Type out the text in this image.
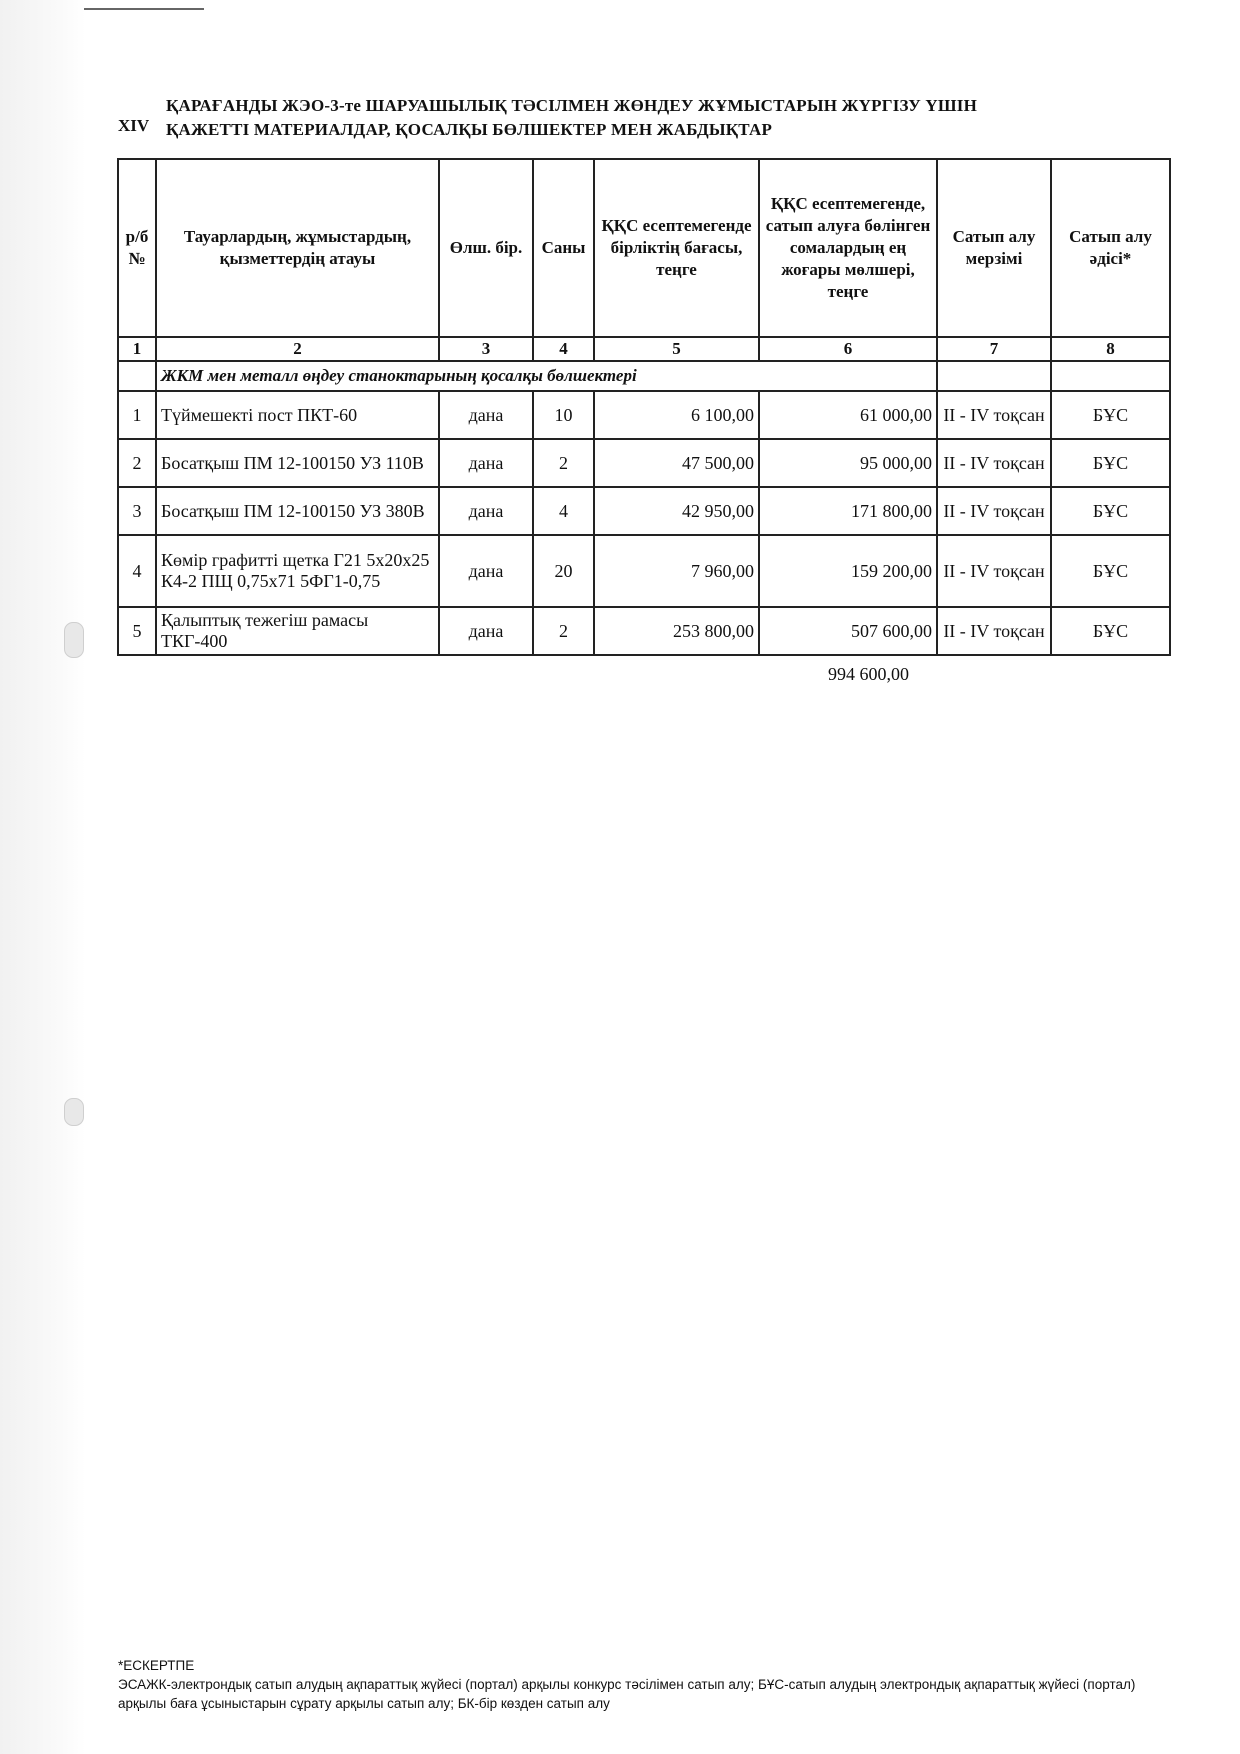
XIV
ҚАРАҒАНДЫ ЖЭО-3-те ШАРУАШЫЛЫҚ ТӘСІЛМЕН ЖӨНДЕУ ЖҰМЫСТАРЫН ЖҮРГІЗУ ҮШІН
ҚАЖЕТТІ МАТЕРИАЛДАР, ҚОСАЛҚЫ БӨЛШЕКТЕР МЕН ЖАБДЫҚТАР
р/б №	Тауарлардың, жұмыстардың, қызметтердің атауы	Өлш. бір.	Саны	ҚҚС есептемегенде бірліктің бағасы, теңге	ҚҚС есептемегенде, сатып алуға бөлінген сомалардың ең жоғары мөлшері, теңге	Сатып алу мерзімі	Сатып алу әдісі*
1	2	3	4	5	6	7	8
	ЖКМ мен металл өңдеу станоктарының қосалқы бөлшектері						
1	Түймешекті пост ПКТ-60	дана	10	6 100,00	61 000,00	II - IV тоқсан	БҰС
2	Босатқыш ПМ 12-100150 УЗ 110В	дана	2	47 500,00	95 000,00	II - IV тоқсан	БҰС
3	Босатқыш ПМ 12-100150 УЗ 380В	дана	4	42 950,00	171 800,00	II - IV тоқсан	БҰС
4	Көмір графитті щетка Г21 5х20х25 К4-2 ПЩ 0,75х71 5ФГ1-0,75	дана	20	7 960,00	159 200,00	II - IV тоқсан	БҰС
5	Қалыптық тежегіш рамасы ТКГ-400	дана	2	253 800,00	507 600,00	II - IV тоқсан	БҰС
994 600,00
*ЕСКЕРТПЕ
ЭСАЖК-электрондық сатып алудың ақпараттық жүйесі (портал) арқылы конкурс тәсілімен сатып алу; БҰС-сатып алудың электрондық ақпараттық жүйесі (портал) арқылы баға ұсыныстарын сұрату арқылы сатып алу; БК-бір көзден сатып алу
